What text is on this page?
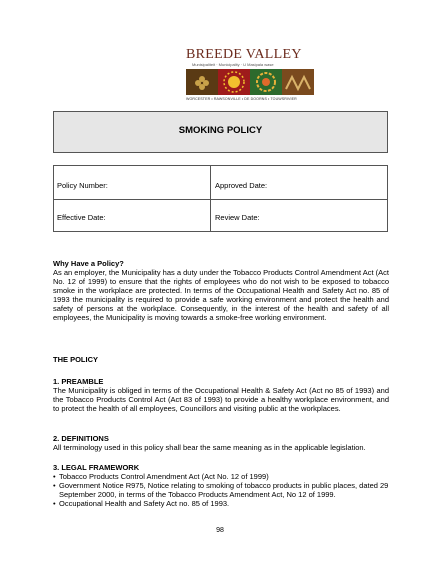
BREEDE VALLEY
Munisipaliteit · Municipality · U Masipala wase
WORCESTER • RAWSONVILLE • DE DOORNS • TOUWSRIVIER
SMOKING POLICY
Policy Number:	Approved Date:
Effective Date:	Review Date:
Why Have a Policy?
As an employer, the Municipality has a duty under the Tobacco Products Control Amendment Act (Act No. 12 of 1999) to ensure that the rights of employees who do not wish to be exposed to tobacco smoke in the workplace are protected. In terms of the Occupational Health and Safety Act no. 85 of 1993 the municipality is required to provide a safe working environment and protect the health and safety of persons at the workplace. Consequently, in the interest of the health and safety of all employees, the Municipality is moving towards a smoke-free working environment.
THE POLICY
1. PREAMBLE
The Municipality is obliged in terms of the Occupational Health & Safety Act (Act no 85 of 1993) and the Tobacco Products Control Act (Act 83 of 1993) to provide a healthy workplace environment, and to protect the health of all employees, Councillors and visiting public at the workplaces.
2. DEFINITIONS
All terminology used in this policy shall bear the same meaning as in the applicable legislation.
3. LEGAL FRAMEWORK
• Tobacco Products Control Amendment Act (Act No. 12 of 1999)
• Government Notice R975, Notice relating to smoking of tobacco products in public places, dated 29 September 2000, in terms of the Tobacco Products Amendment Act, No 12 of 1999.
• Occupational Health and Safety Act no. 85 of 1993.
98
